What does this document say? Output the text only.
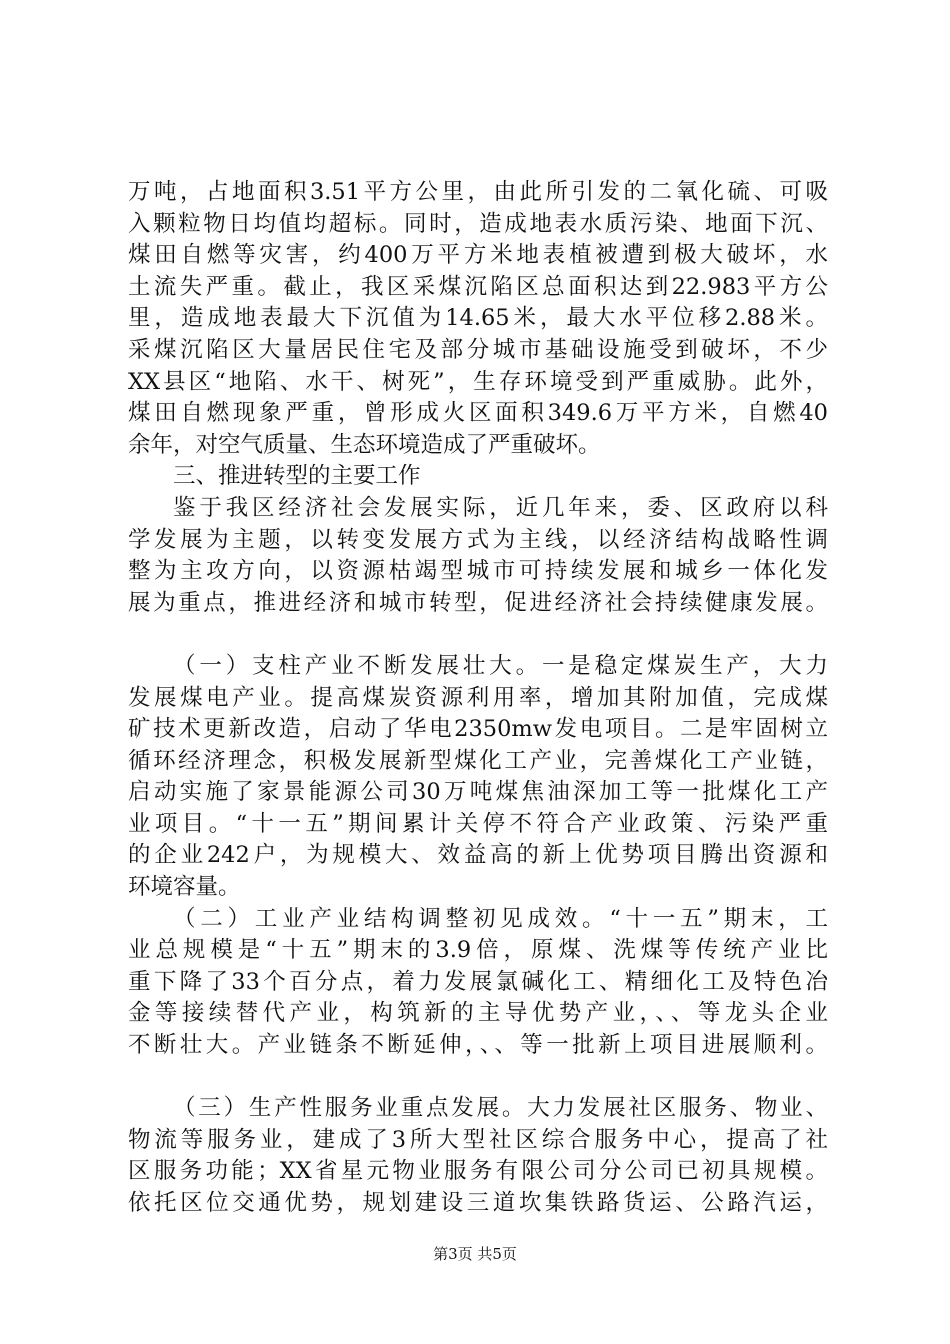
万吨，占地面积3.51平方公里，由此所引发的二氧化硫、可吸
入颗粒物日均值均超标。同时，造成地表水质污染、地面下沉、
煤田自燃等灾害，约400万平方米地表植被遭到极大破坏，水
土流失严重。截止，我区采煤沉陷区总面积达到22.983平方公
里，造成地表最大下沉值为14.65米，最大水平位移2.88米。
采煤沉陷区大量居民住宅及部分城市基础设施受到破坏，不少
XX县区“地陷、水干、树死”，生存环境受到严重威胁。此外，
煤田自燃现象严重，曾形成火区面积349.6万平方米，自燃40
余年，对空气质量、生态环境造成了严重破坏。
三、推进转型的主要工作
鉴于我区经济社会发展实际，近几年来，委、区政府以科
学发展为主题，以转变发展方式为主线，以经济结构战略性调
整为主攻方向，以资源枯竭型城市可持续发展和城乡一体化发
展为重点，推进经济和城市转型，促进经济社会持续健康发展。
（一）支柱产业不断发展壮大。一是稳定煤炭生产，大力
发展煤电产业。提高煤炭资源利用率，增加其附加值，完成煤
矿技术更新改造，启动了华电2350mw发电项目。二是牢固树立
循环经济理念，积极发展新型煤化工产业，完善煤化工产业链，
启动实施了家景能源公司30万吨煤焦油深加工等一批煤化工产
业项目。“十一五”期间累计关停不符合产业政策、污染严重
的企业242户，为规模大、效益高的新上优势项目腾出资源和
环境容量。
（二）工业产业结构调整初见成效。“十一五”期末，工
业总规模是“十五”期末的3.9倍，原煤、洗煤等传统产业比
重下降了33个百分点，着力发展氯碱化工、精细化工及特色冶
金等接续替代产业，构筑新的主导优势产业，、、等龙头企业
不断壮大。产业链条不断延伸，、、等一批新上项目进展顺利。
（三）生产性服务业重点发展。大力发展社区服务、物业、
物流等服务业，建成了3所大型社区综合服务中心，提高了社
区服务功能；XX省星元物业服务有限公司分公司已初具规模。
依托区位交通优势，规划建设三道坎集铁路货运、公路汽运，
第3页 共5页
